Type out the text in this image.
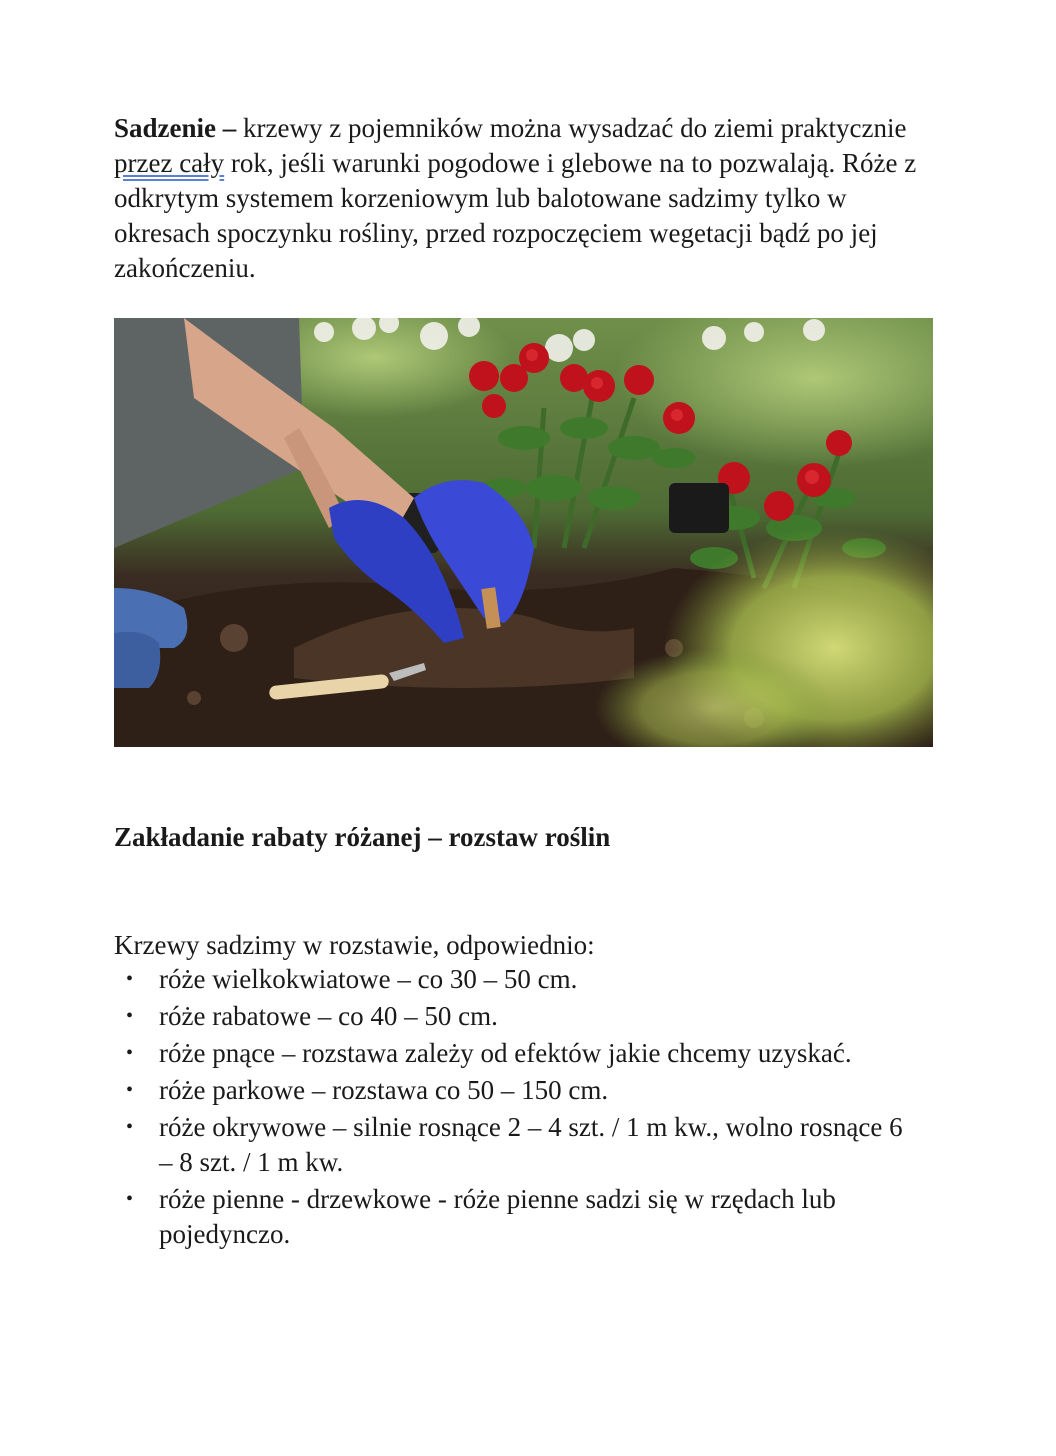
Sadzenie – krzewy z pojemników można wysadzać do ziemi praktycznie przez cały rok, jeśli warunki pogodowe i glebowe na to pozwalają. Róże z odkrytym systemem korzeniowym lub balotowane sadzimy tylko w okresach spoczynku rośliny, przed rozpoczęciem wegetacji bądź po jej zakończeniu.

Zakładanie rabaty różanej – rozstaw roślin

Krzewy sadzimy w rozstawie, odpowiednio:

• róże wielkokwiatowe – co 30 – 50 cm.
• róże rabatowe – co 40 – 50 cm.
• róże pnące – rozstawa zależy od efektów jakie chcemy uzyskać.
• róże parkowe – rozstawa co 50 – 150 cm.
• róże okrywowe – silnie rosnące 2 – 4 szt. / 1 m kw., wolno rosnące 6 – 8 szt. / 1 m kw.
• róże pienne - drzewkowe - róże pienne sadzi się w rzędach lub pojedynczo.
